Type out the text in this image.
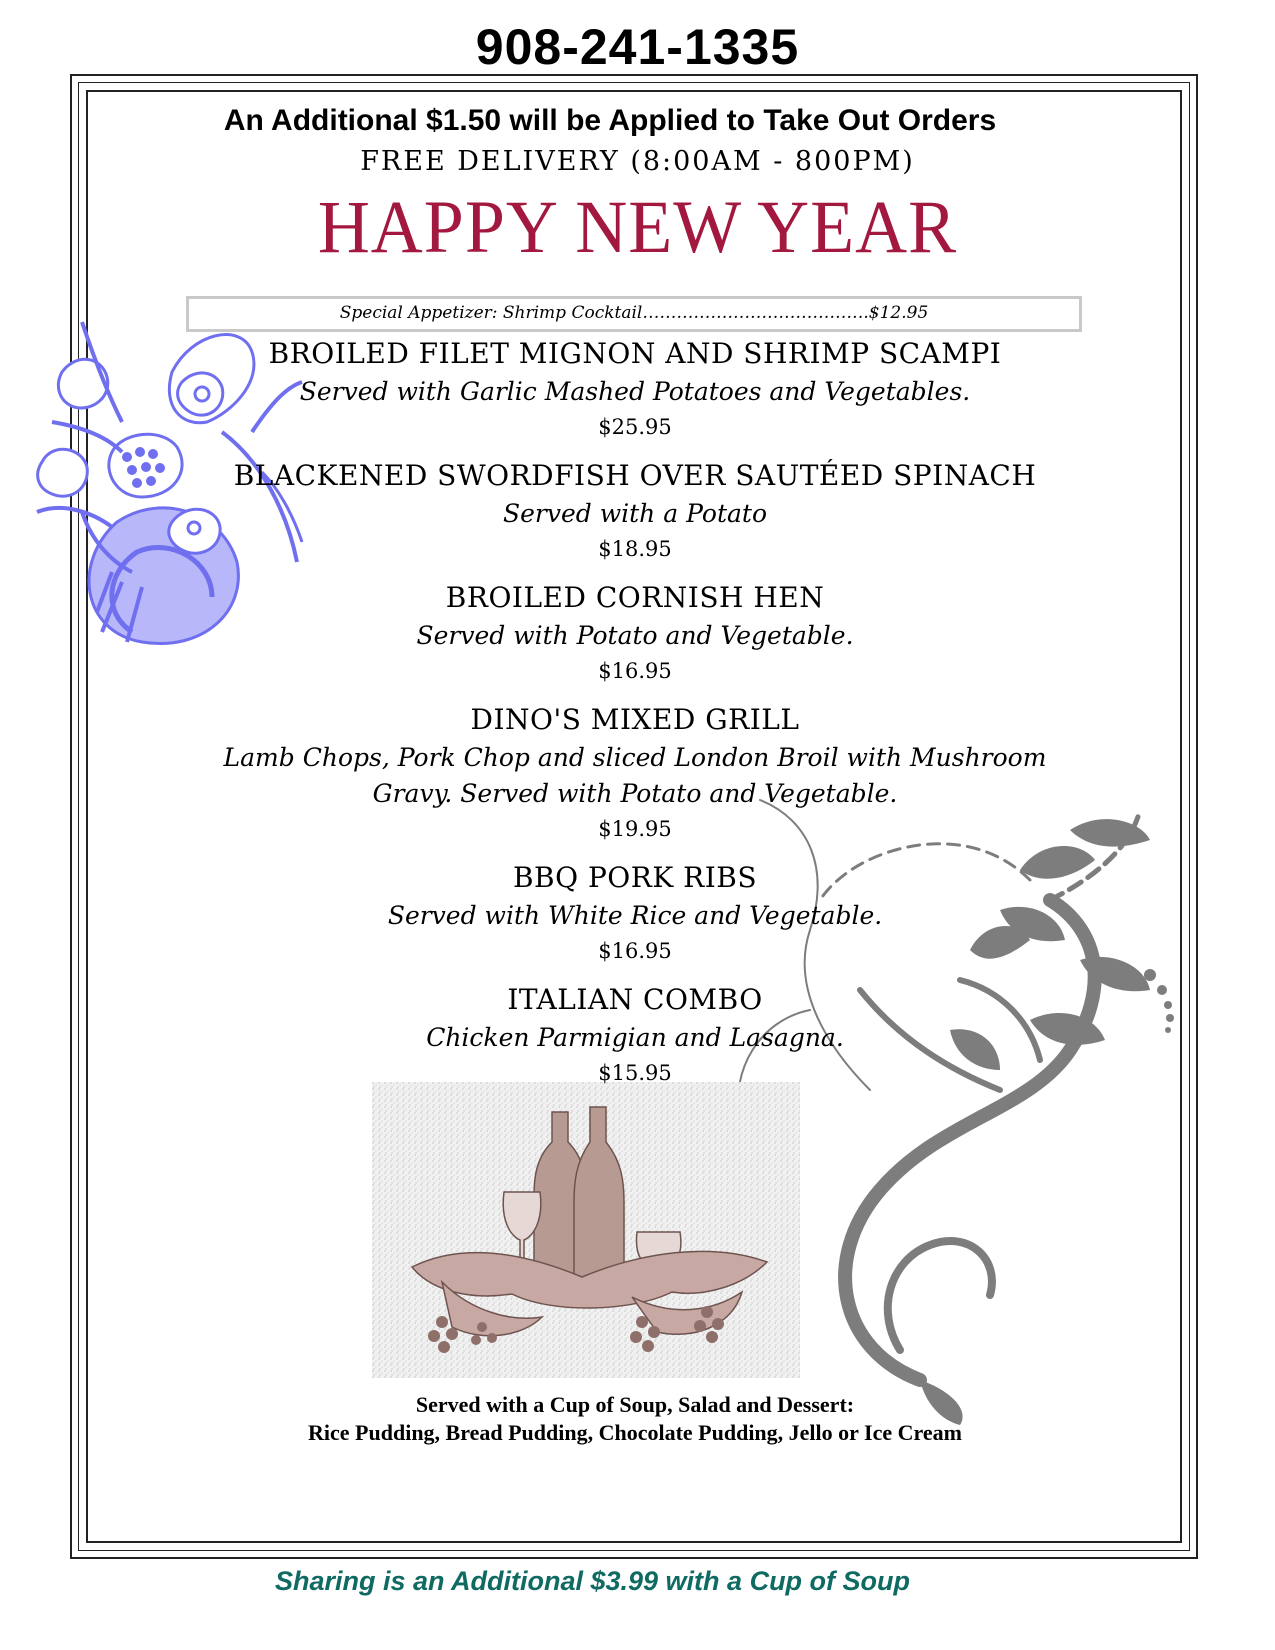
908-241-1335
An Additional $1.50 will be Applied to Take Out Orders
FREE DELIVERY (8:00AM - 800PM)
HAPPY NEW YEAR
Special Appetizer: Shrimp Cocktail………………………………….$12.95
BROILED FILET MIGNON AND SHRIMP SCAMPI
Served with Garlic Mashed Potatoes and Vegetables.
$25.95
BLACKENED SWORDFISH OVER SAUTÉED SPINACH
Served with a Potato
$18.95
BROILED CORNISH HEN
Served with Potato and Vegetable.
$16.95
DINO'S MIXED GRILL
Lamb Chops, Pork Chop and sliced London Broil with Mushroom
Gravy. Served with Potato and Vegetable.
$19.95
BBQ PORK RIBS
Served with White Rice and Vegetable.
$16.95
ITALIAN COMBO
Chicken Parmigian and Lasagna.
$15.95
Served with a Cup of Soup, Salad and Dessert:
Rice Pudding, Bread Pudding, Chocolate Pudding, Jello or Ice Cream
Sharing is an Additional $3.99 with a Cup of Soup
